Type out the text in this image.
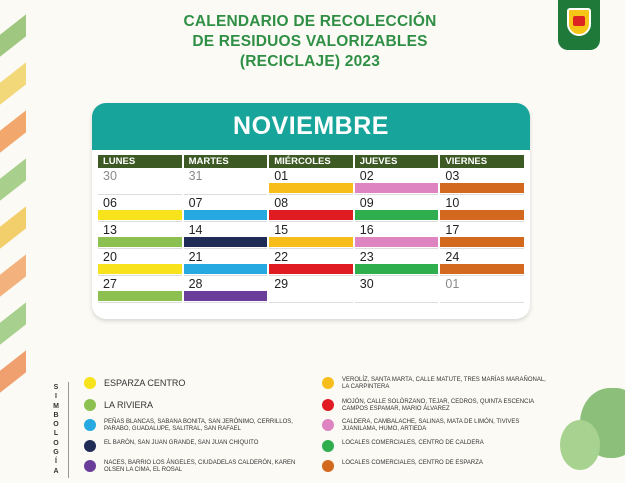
CALENDARIO DE RECOLECCIÓN
DE RESIDUOS VALORIZABLES
(RECICLAJE) 2023
NOVIEMBRE
LUNES	MARTES	MIÉRCOLES	JUEVES	VIERNES
30	31	01	02	03
06	07	08	09	10
13	14	15	16	17
20	21	22	23	24
27	28	29	30	01
S
I
M
B
O
L
O
G
Í
A
ESPARZA CENTRO
LA RIVIERA
PEÑAS BLANCAS, SABANA BONITA, SAN JERÓNIMO, CERRILLOS, PARABO, GUADALUPE, SALITRAL, SAN RAFAEL
EL BARÓN, SAN JUAN GRANDE, SAN JUAN CHIQUITO
NACES, BARRIO LOS ÁNGELES, CIUDADELAS CALDERÓN, KAREN OLSEN LA CIMA, EL ROSAL
VEROLÍZ, SANTA MARTA, CALLE MATUTE, TRES MARÍAS MARAÑONAL, LA CARPINTERA
MOJÓN, CALLE SOLÓRZANO, TEJAR, CEDROS, QUINTA ESCENCIA CAMPOS ESPAMAR, MARIO ÁLVAREZ
CALDERA, CAMBALACHE, SALINAS, MATA DE LIMÓN, TIVIVES JUANILAMA, HUMO, ARTIEDA
LOCALES COMERCIALES, CENTRO DE CALDERA
LOCALES COMERCIALES, CENTRO DE ESPARZA
